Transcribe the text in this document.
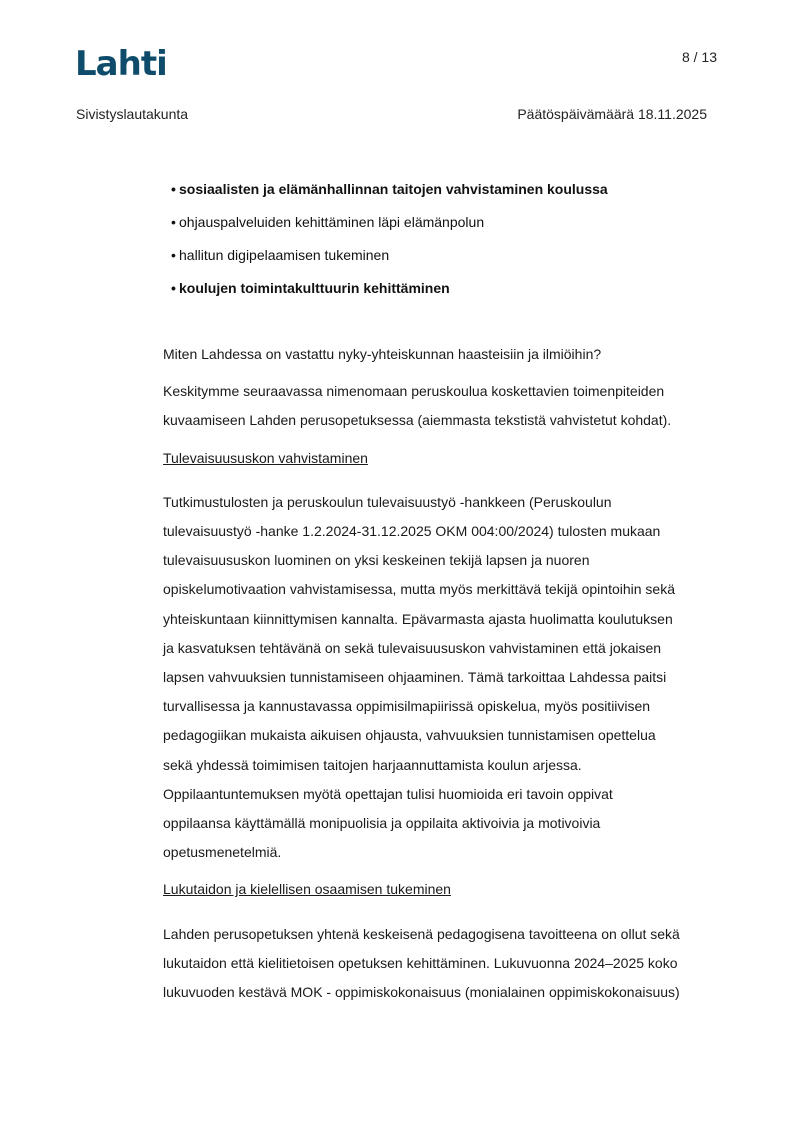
Lahti	8 / 13
Sivistyslautakunta	Päätöspäivämäärä 18.11.2025
• sosiaalisten ja elämänhallinnan taitojen vahvistaminen koulussa
• ohjauspalveluiden kehittäminen läpi elämänpolun
• hallitun digipelaamisen tukeminen
• koulujen toimintakulttuurin kehittäminen

Miten Lahdessa on vastattu nyky-yhteiskunnan haasteisiin ja ilmiöihin?

Keskitymme seuraavassa nimenomaan peruskoulua koskettavien toimenpiteiden
kuvaamiseen Lahden perusopetuksessa (aiemmasta tekstistä vahvistetut kohdat).

Tulevaisuususkon vahvistaminen

Tutkimustulosten ja peruskoulun tulevaisuustyö -hankkeen (Peruskoulun
tulevaisuustyö -hanke 1.2.2024-31.12.2025 OKM 004:00/2024) tulosten mukaan
tulevaisuususkon luominen on yksi keskeinen tekijä lapsen ja nuoren
opiskelumotivaation vahvistamisessa, mutta myös merkittävä tekijä opintoihin sekä
yhteiskuntaan kiinnittymisen kannalta. Epävarmasta ajasta huolimatta koulutuksen
ja kasvatuksen tehtävänä on sekä tulevaisuususkon vahvistaminen että jokaisen
lapsen vahvuuksien tunnistamiseen ohjaaminen. Tämä tarkoittaa Lahdessa paitsi
turvallisessa ja kannustavassa oppimisilmapiirissä opiskelua, myös positiivisen
pedagogiikan mukaista aikuisen ohjausta, vahvuuksien tunnistamisen opettelua
sekä yhdessä toimimisen taitojen harjaannuttamista koulun arjessa.
Oppilaantuntemuksen myötä opettajan tulisi huomioida eri tavoin oppivat
oppilaansa käyttämällä monipuolisia ja oppilaita aktivoivia ja motivoivia
opetusmenetelmiä.

Lukutaidon ja kielellisen osaamisen tukeminen

Lahden perusopetuksen yhtenä keskeisenä pedagogisena tavoitteena on ollut sekä
lukutaidon että kielitietoisen opetuksen kehittäminen. Lukuvuonna 2024–2025 koko
lukuvuoden kestävä MOK - oppimiskokonaisuus (monialainen oppimiskokonaisuus)
